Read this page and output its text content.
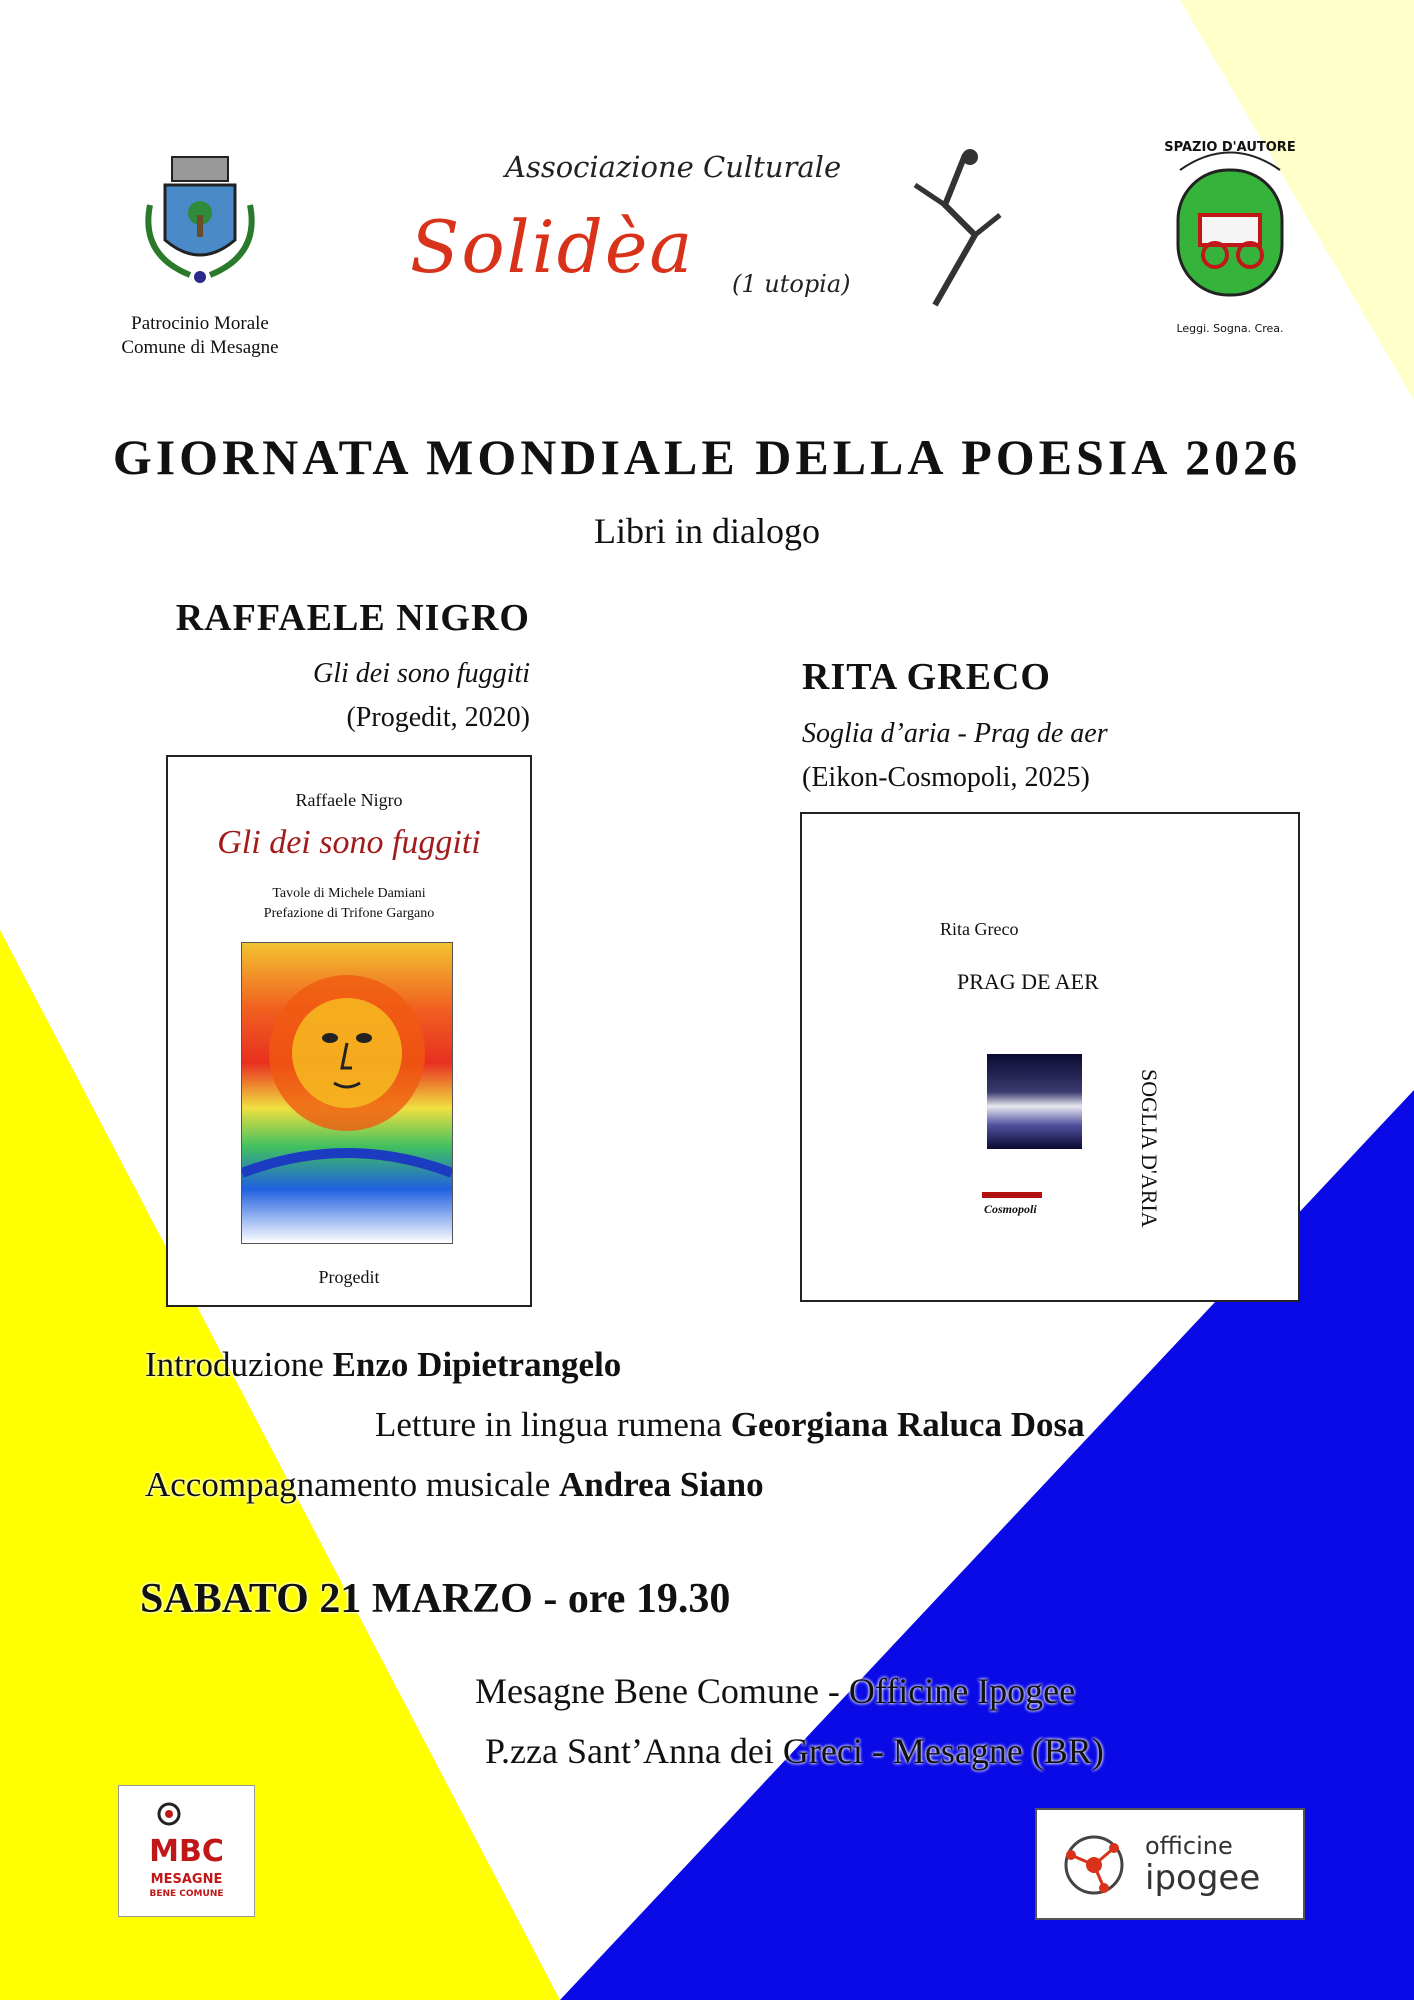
Patrocinio Morale
Comune di Mesagne
Associazione Culturale
Solidèa (1 utopia)
SPAZIO D'AUTORE
Leggi. Sogna. Crea.
GIORNATA MONDIALE DELLA POESIA 2026
Libri in dialogo
RAFFAELE NIGRO
Gli dei sono fuggiti
(Progedit, 2020)
Raffaele Nigro
Gli dei sono fuggiti
Tavole di Michele Damiani
Prefazione di Trifone Gargano
Progedit
RITA GRECO
Soglia d’aria - Prag de aer
(Eikon-Cosmopoli, 2025)
Rita Greco
PRAG DE AER
SOGLIA D'ARIA
Cosmopoli
Introduzione Enzo Dipietrangelo
Letture in lingua rumena Georgiana Raluca Dosa
Accompagnamento musicale Andrea Siano
SABATO 21 MARZO - ore 19.30
Mesagne Bene Comune - Officine Ipogee
P.zza Sant’Anna dei Greci - Mesagne (BR)
MBC
MESAGNE
BENE COMUNE
officine
ipogee
